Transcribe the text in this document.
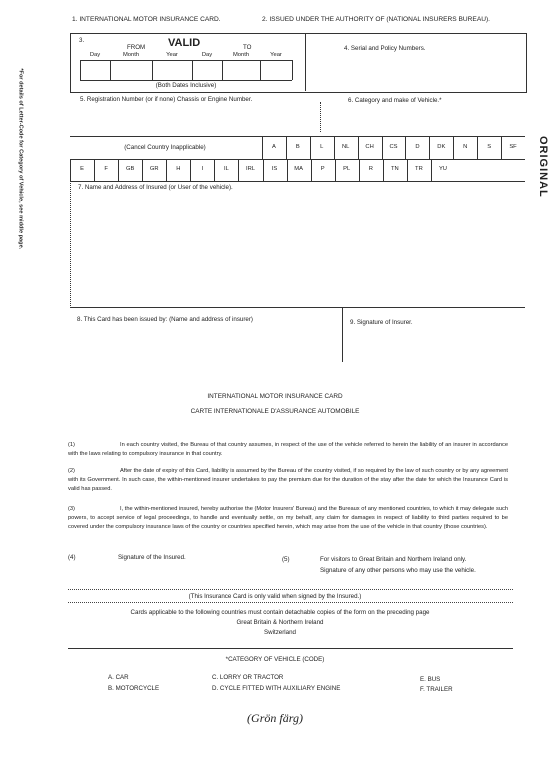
*For details of Letter-Code for Category of Vehicle, see middle page.	ORIGINAL
1. INTERNATIONAL MOTOR INSURANCE CARD.	2. ISSUED UNDER THE AUTHORITY OF (NATIONAL INSURERS BUREAU).
3.
FROM VALID	TO
Day	Month	Year	Day	Month	Year
(Both Dates Inclusive)
4. Serial and Policy Numbers.
5. Registration Number (or if none) Chassis or Engine Number.	6. Category and make of Vehicle.*
(Cancel Country Inapplicable)	A	B	L	NL	CH	CS	D	DK	N	S	SF
E	F	GB	GR	H	I	IL	IRL	IS	MA	P	PL	R	TN	TR	YU
7. Name and Address of Insured (or User of the vehicle).
8. This Card has been issued by: (Name and address of insurer)	9. Signature of Insurer.
INTERNATIONAL MOTOR INSURANCE CARD
CARTE INTERNATIONALE D'ASSURANCE AUTOMOBILE
(1)	In each country visited, the Bureau of that country assumes, in respect of the use of the vehicle referred to herein the liability of an insurer in accordance with the laws relating to compulsory insurance in that country.
(2)	After the date of expiry of this Card, liability is assumed by the Bureau of the country visited, if so required by the law of such country or by any agreement with its Government. In such case, the within-mentioned insurer undertakes to pay the premium due for the duration of the stay after the date for which the Insurance Card is valid has passed.
(3)	I, the within-mentioned insured, hereby authorise the (Motor Insurers' Bureau) and the Bureaux of any mentioned countries, to which it may delegate such powers, to accept service of legal proceedings, to handle and eventually settle, on my behalf, any claim for damages in respect of liability to third parties required to be covered under the compulsory insurance laws of the country or countries specified herein, which may arise from the use of the vehicle in that country (those countries).
(4)	Signature of the Insured.	(5)	For visitors to Great Britain and Northern Ireland only.
Signature of any other persons who may use the vehicle.
(This Insurance Card is only valid when signed by the Insured.)
Cards applicable to the following countries must contain detachable copies of the form on the preceding page
Great Britain & Northern Ireland
Switzerland
*CATEGORY OF VEHICLE (CODE)
A. CAR	C. LORRY OR TRACTOR	E. BUS
B. MOTORCYCLE	D. CYCLE FITTED WITH AUXILIARY ENGINE	F. TRAILER
(Grön färg)
